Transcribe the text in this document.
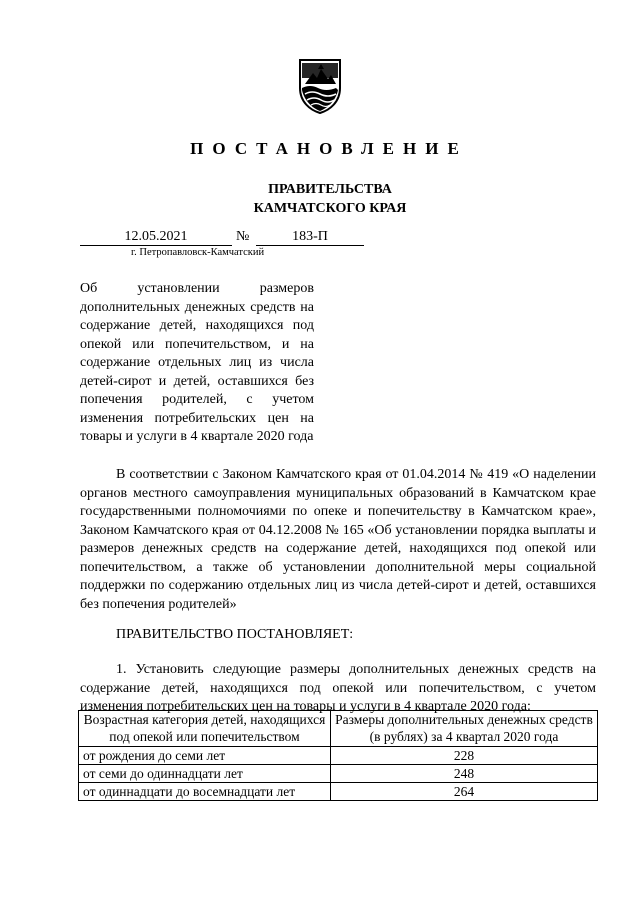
ПОСТАНОВЛЕНИЕ
ПРАВИТЕЛЬСТВА
КАМЧАТСКОГО КРАЯ
12.05.2021	№	183-П
г. Петропавловск-Камчатский
Об установлении размеров дополнительных денежных средств на содержание детей, находящихся под опекой или попечительством, и на содержание отдельных лиц из числа детей-сирот и детей, оставшихся без попечения родителей, с учетом изменения потребительских цен на товары и услуги в 4 квартале 2020 года
В соответствии с Законом Камчатского края от 01.04.2014 № 419 «О наделении органов местного самоуправления муниципальных образований в Камчатском крае государственными полномочиями по опеке и попечительству в Камчатском крае», Законом Камчатского края от 04.12.2008 № 165 «Об установлении порядка выплаты и размеров денежных средств на содержание детей, находящихся под опекой или попечительством, а также об установлении дополнительной меры социальной поддержки по содержанию отдельных лиц из числа детей-сирот и детей, оставшихся без попечения родителей»
ПРАВИТЕЛЬСТВО ПОСТАНОВЛЯЕТ:
1. Установить следующие размеры дополнительных денежных средств на содержание детей, находящихся под опекой или попечительством, с учетом изменения потребительских цен на товары и услуги в 4 квартале 2020 года:
Возрастная категория детей, находящихся под опекой или попечительством	Размеры дополнительных денежных средств (в рублях) за 4 квартал 2020 года
от рождения до семи лет	228
от семи до одиннадцати лет	248
от одиннадцати до восемнадцати лет	264
